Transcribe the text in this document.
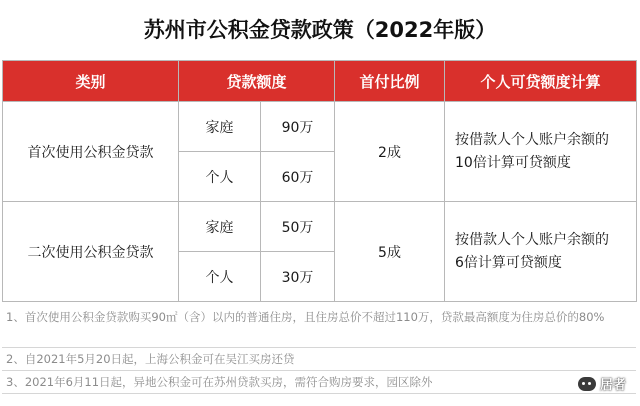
苏州市公积金贷款政策（2022年版）
类别	贷款额度		首付比例	个人可贷额度计算
首次使用公积金贷款	家庭	90万	2成	按借款人个人账户余额的
10倍计算可贷额度

	个人	60万		
二次使用公积金贷款	家庭	50万	5成	按借款人个人账户余额的
6倍计算可贷额度

	个人	30万		
1、首次使用公积金贷款购买90㎡（含）以内的普通住房，且住房总价不超过110万，贷款最高额度为住房总价的80%
2、自2021年5月20日起，上海公积金可在吴江买房还贷
3、2021年6月11日起，异地公积金可在苏州贷款买房，需符合购房要求，园区除外	居者
